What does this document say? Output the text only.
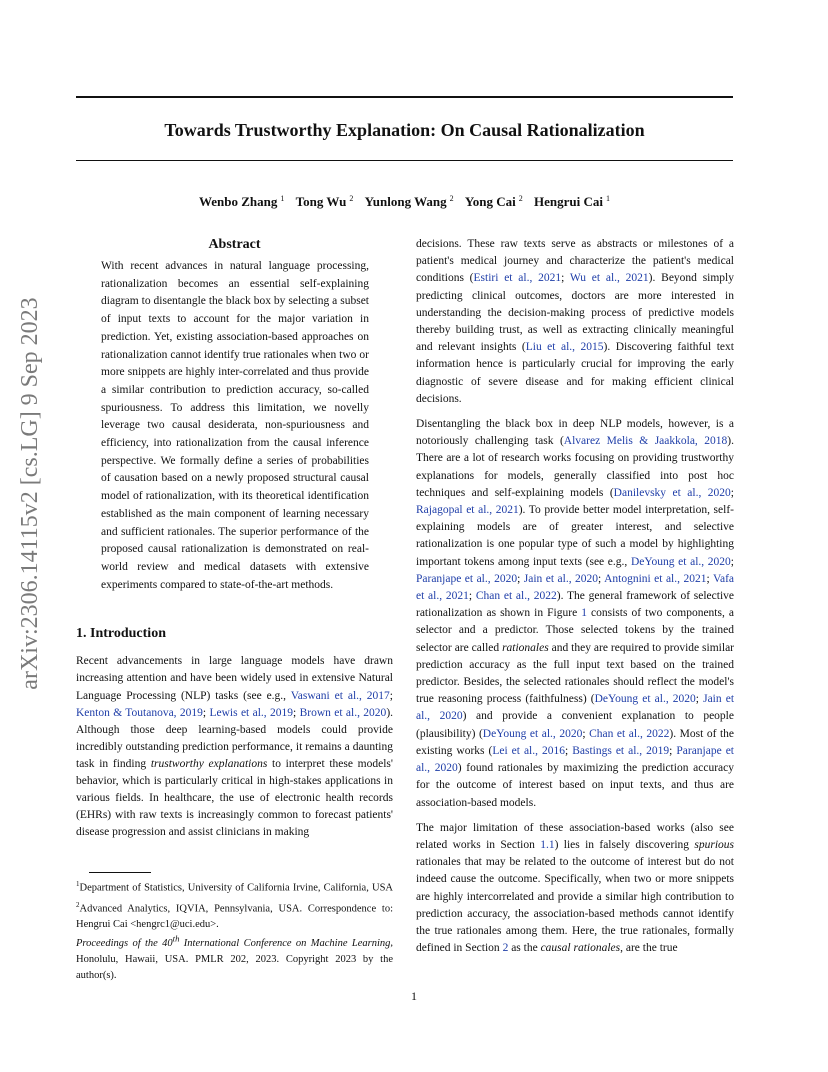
Towards Trustworthy Explanation: On Causal Rationalization
Wenbo Zhang $^1$ Tong Wu $^2$ Yunlong Wang $^2$ Yong Cai $^2$ Hengrui Cai $^1$
arXiv:2306.14115v2 [cs.LG] 9 Sep 2023
Abstract
With recent advances in natural language processing, rationalization becomes an essential self-explaining diagram to disentangle the black box by selecting a subset of input texts to account for the major variation in prediction. Yet, existing association-based approaches on rationalization cannot identify true rationales when two or more snippets are highly inter-correlated and thus provide a similar contribution to prediction accuracy, so-called spuriousness. To address this limitation, we novelly leverage two causal desiderata, non-spuriousness and efficiency, into rationalization from the causal inference perspective. We formally define a series of probabilities of causation based on a newly proposed structural causal model of rationalization, with its theoretical identification established as the main component of learning necessary and sufficient rationales. The superior performance of the proposed causal rationalization is demonstrated on real-world review and medical datasets with extensive experiments compared to state-of-the-art methods.
1. Introduction
Recent advancements in large language models have drawn increasing attention and have been widely used in extensive Natural Language Processing (NLP) tasks (see e.g., Vaswani et al., 2017; Kenton & Toutanova, 2019; Lewis et al., 2019; Brown et al., 2020). Although those deep learning-based models could provide incredibly outstanding prediction performance, it remains a daunting task in finding trustworthy explanations to interpret these models' behavior, which is particularly critical in high-stakes applications in various fields. In healthcare, the use of electronic health records (EHRs) with raw texts is increasingly common to forecast patients' disease progression and assist clinicians in making
decisions. These raw texts serve as abstracts or milestones of a patient's medical journey and characterize the patient's medical conditions (Estiri et al., 2021; Wu et al., 2021). Beyond simply predicting clinical outcomes, doctors are more interested in understanding the decision-making process of predictive models thereby building trust, as well as extracting clinically meaningful and relevant insights (Liu et al., 2015). Discovering faithful text information hence is particularly crucial for improving the early diagnostic of severe disease and for making efficient clinical decisions.
Disentangling the black box in deep NLP models, however, is a notoriously challenging task (Alvarez Melis & Jaakkola, 2018). There are a lot of research works focusing on providing trustworthy explanations for models, generally classified into post hoc techniques and self-explaining models (Danilevsky et al., 2020; Rajagopal et al., 2021). To provide better model interpretation, self-explaining models are of greater interest, and selective rationalization is one popular type of such a model by highlighting important tokens among input texts (see e.g., DeYoung et al., 2020; Paranjape et al., 2020; Jain et al., 2020; Antognini et al., 2021; Vafa et al., 2021; Chan et al., 2022). The general framework of selective rationalization as shown in Figure 1 consists of two components, a selector and a predictor. Those selected tokens by the trained selector are called rationales and they are required to provide similar prediction accuracy as the full input text based on the trained predictor. Besides, the selected rationales should reflect the model's true reasoning process (faithfulness) (DeYoung et al., 2020; Jain et al., 2020) and provide a convenient explanation to people (plausibility) (DeYoung et al., 2020; Chan et al., 2022). Most of the existing works (Lei et al., 2016; Bastings et al., 2019; Paranjape et al., 2020) found rationales by maximizing the prediction accuracy for the outcome of interest based on input texts, and thus are association-based models.
The major limitation of these association-based works (also see related works in Section 1.1) lies in falsely discovering spurious rationales that may be related to the outcome of interest but do not indeed cause the outcome. Specifically, when two or more snippets are highly intercorrelated and provide a similar high contribution to prediction accuracy, the association-based methods cannot identify the true rationales among them. Here, the true rationales, formally defined in Section 2 as the causal rationales, are the true
$^1$Department of Statistics, University of California Irvine, California, USA $^2$Advanced Analytics, IQVIA, Pennsylvania, USA. Correspondence to: Hengrui Cai <hengrc1@uci.edu>.
Proceedings of the 40th International Conference on Machine Learning, Honolulu, Hawaii, USA. PMLR 202, 2023. Copyright 2023 by the author(s).
1
